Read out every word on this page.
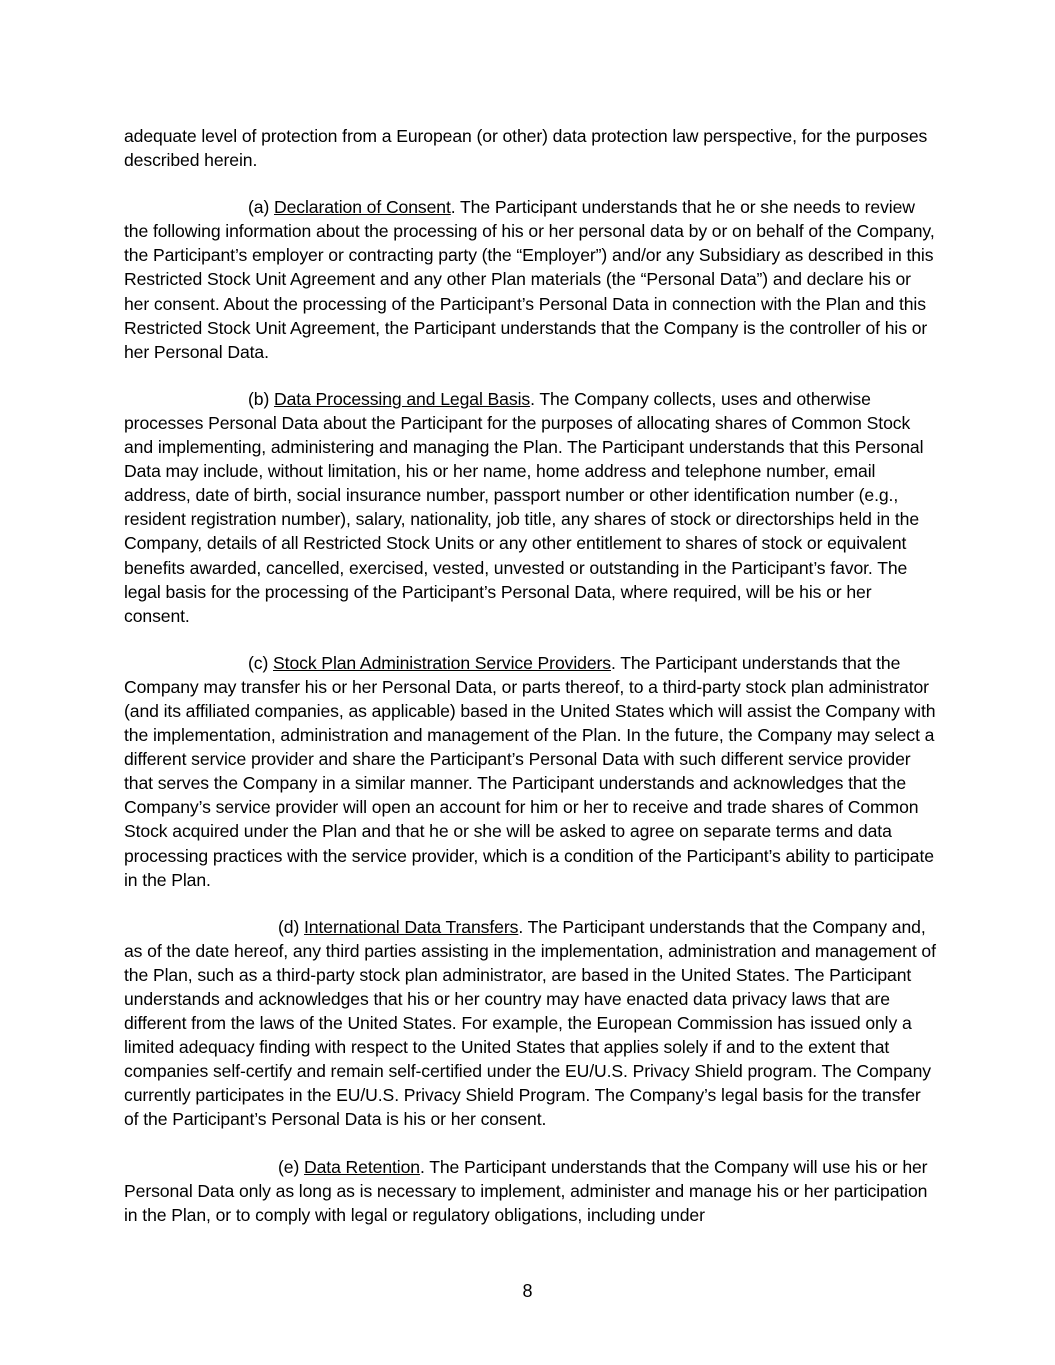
adequate level of protection from a European (or other) data protection law perspective, for the purposes described herein.

(a) Declaration of Consent. The Participant understands that he or she needs to review the following information about the processing of his or her personal data by or on behalf of the Company, the Participant’s employer or contracting party (the “Employer”) and/or any Subsidiary as described in this Restricted Stock Unit Agreement and any other Plan materials (the “Personal Data”) and declare his or her consent. About the processing of the Participant’s Personal Data in connection with the Plan and this Restricted Stock Unit Agreement, the Participant understands that the Company is the controller of his or her Personal Data.

(b) Data Processing and Legal Basis. The Company collects, uses and otherwise processes Personal Data about the Participant for the purposes of allocating shares of Common Stock and implementing, administering and managing the Plan. The Participant understands that this Personal Data may include, without limitation, his or her name, home address and telephone number, email address, date of birth, social insurance number, passport number or other identification number (e.g., resident registration number), salary, nationality, job title, any shares of stock or directorships held in the Company, details of all Restricted Stock Units or any other entitlement to shares of stock or equivalent benefits awarded, cancelled, exercised, vested, unvested or outstanding in the Participant’s favor. The legal basis for the processing of the Participant’s Personal Data, where required, will be his or her consent.

(c) Stock Plan Administration Service Providers. The Participant understands that the Company may transfer his or her Personal Data, or parts thereof, to a third-party stock plan administrator (and its affiliated companies, as applicable) based in the United States which will assist the Company with the implementation, administration and management of the Plan. In the future, the Company may select a different service provider and share the Participant’s Personal Data with such different service provider that serves the Company in a similar manner. The Participant understands and acknowledges that the Company’s service provider will open an account for him or her to receive and trade shares of Common Stock acquired under the Plan and that he or she will be asked to agree on separate terms and data processing practices with the service provider, which is a condition of the Participant’s ability to participate in the Plan.

(d) International Data Transfers. The Participant understands that the Company and, as of the date hereof, any third parties assisting in the implementation, administration and management of the Plan, such as a third-party stock plan administrator, are based in the United States. The Participant understands and acknowledges that his or her country may have enacted data privacy laws that are different from the laws of the United States. For example, the European Commission has issued only a limited adequacy finding with respect to the United States that applies solely if and to the extent that companies self-certify and remain self-certified under the EU/U.S. Privacy Shield program. The Company currently participates in the EU/U.S. Privacy Shield Program. The Company’s legal basis for the transfer of the Participant’s Personal Data is his or her consent.

(e) Data Retention. The Participant understands that the Company will use his or her Personal Data only as long as is necessary to implement, administer and manage his or her participation in the Plan, or to comply with legal or regulatory obligations, including under

8
